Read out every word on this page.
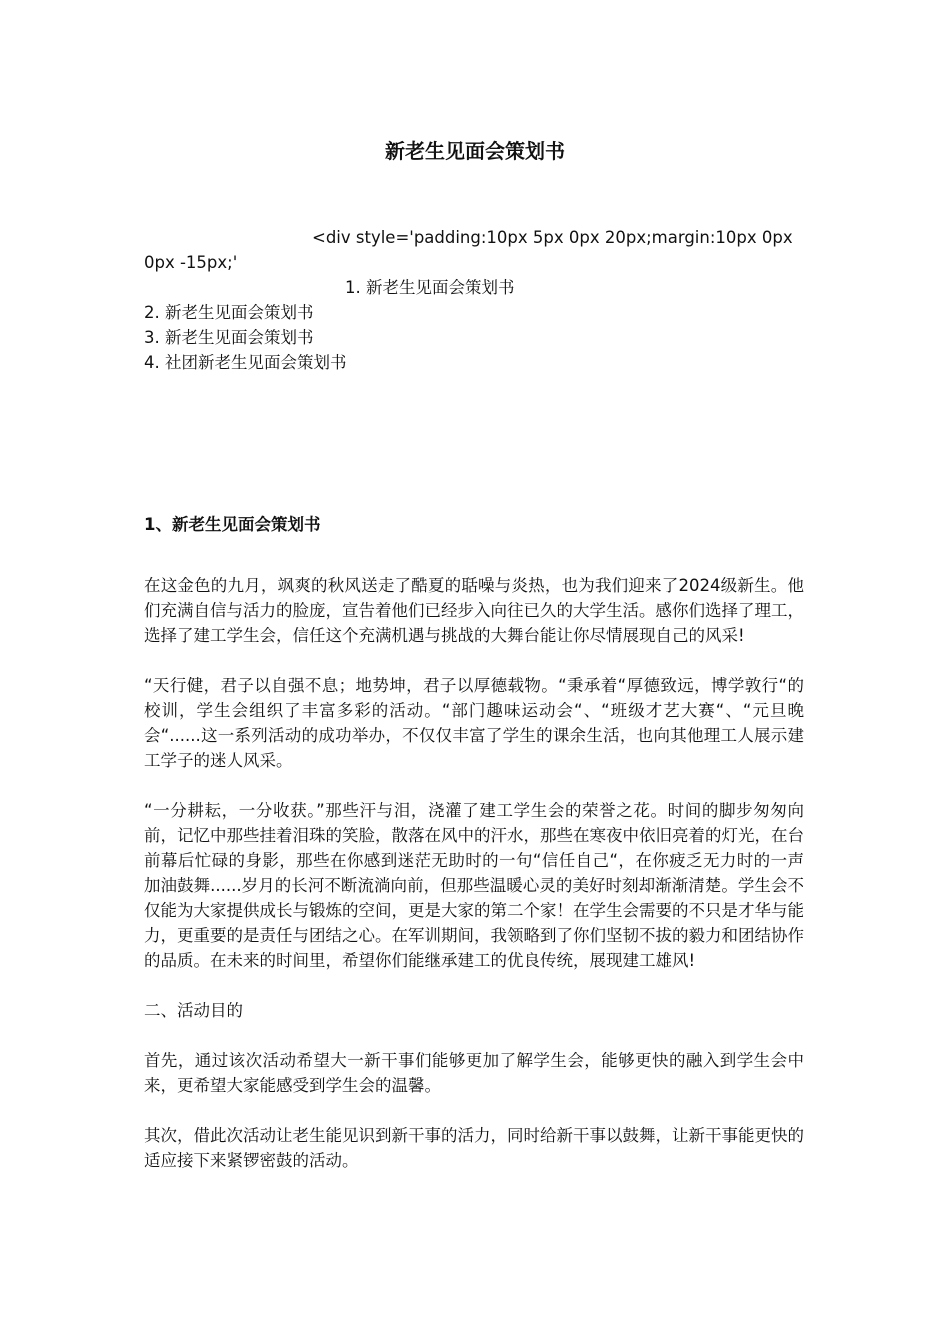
新老生见面会策划书
<div style='padding:10px 5px 0px 20px;margin:10px 0px 0px -15px;'
1. 新老生见面会策划书
2. 新老生见面会策划书
3. 新老生见面会策划书
4. 社团新老生见面会策划书
1、新老生见面会策划书

在这金色的九月，飒爽的秋风送走了酷夏的聒噪与炎热，也为我们迎来了2024级新生。他们充满自信与活力的脸庞，宣告着他们已经步入向往已久的大学生活。感你们选择了理工，选择了建工学生会，信任这个充满机遇与挑战的大舞台能让你尽情展现自己的风采!

“天行健，君子以自强不息；地势坤，君子以厚德载物。“秉承着“厚德致远，博学敦行“的校训，学生会组织了丰富多彩的活动。“部门趣味运动会“、“班级才艺大赛“、“元旦晚会“......这一系列活动的成功举办，不仅仅丰富了学生的课余生活，也向其他理工人展示建工学子的迷人风采。

“一分耕耘，一分收获。”那些汗与泪，浇灌了建工学生会的荣誉之花。时间的脚步匆匆向前，记忆中那些挂着泪珠的笑脸，散落在风中的汗水，那些在寒夜中依旧亮着的灯光，在台前幕后忙碌的身影，那些在你感到迷茫无助时的一句“信任自己“，在你疲乏无力时的一声加油鼓舞......岁月的长河不断流淌向前，但那些温暖心灵的美好时刻却渐渐清楚。学生会不仅能为大家提供成长与锻炼的空间，更是大家的第二个家！在学生会需要的不只是才华与能力，更重要的是责任与团结之心。在军训期间，我领略到了你们坚韧不拔的毅力和团结协作的品质。在未来的时间里，希望你们能继承建工的优良传统，展现建工雄风!

二、活动目的

首先，通过该次活动希望大一新干事们能够更加了解学生会，能够更快的融入到学生会中来，更希望大家能感受到学生会的温馨。

其次，借此次活动让老生能见识到新干事的活力，同时给新干事以鼓舞，让新干事能更快的适应接下来紧锣密鼓的活动。
